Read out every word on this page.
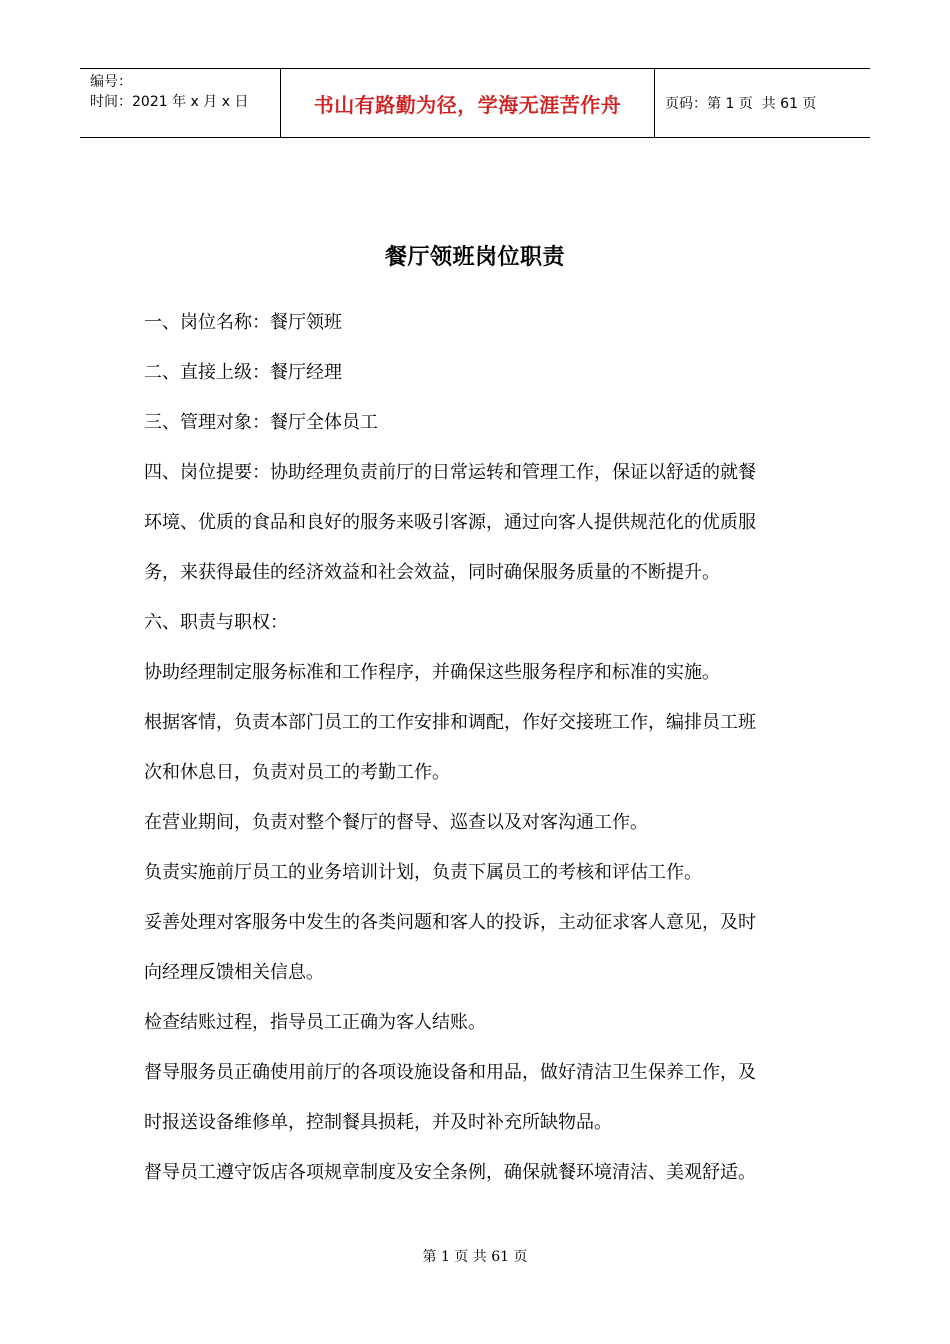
编号：
时间：2021 年 x 月 x 日	书山有路勤为径，学海无涯苦作舟	页码：第 1 页  共 61 页
餐厅领班岗位职责
一、岗位名称：餐厅领班
二、直接上级：餐厅经理
三、管理对象：餐厅全体员工
四、岗位提要：协助经理负责前厅的日常运转和管理工作，保证以舒适的就餐
环境、优质的食品和良好的服务来吸引客源，通过向客人提供规范化的优质服
务，来获得最佳的经济效益和社会效益，同时确保服务质量的不断提升。
六、职责与职权：
协助经理制定服务标准和工作程序，并确保这些服务程序和标准的实施。
根据客情，负责本部门员工的工作安排和调配，作好交接班工作，编排员工班
次和休息日，负责对员工的考勤工作。
在营业期间，负责对整个餐厅的督导、巡查以及对客沟通工作。
负责实施前厅员工的业务培训计划，负责下属员工的考核和评估工作。
妥善处理对客服务中发生的各类问题和客人的投诉，主动征求客人意见，及时
向经理反馈相关信息。
检查结账过程，指导员工正确为客人结账。
督导服务员正确使用前厅的各项设施设备和用品，做好清洁卫生保养工作，及
时报送设备维修单，控制餐具损耗，并及时补充所缺物品。
督导员工遵守饭店各项规章制度及安全条例，确保就餐环境清洁、美观舒适。
第 1 页 共 61 页
